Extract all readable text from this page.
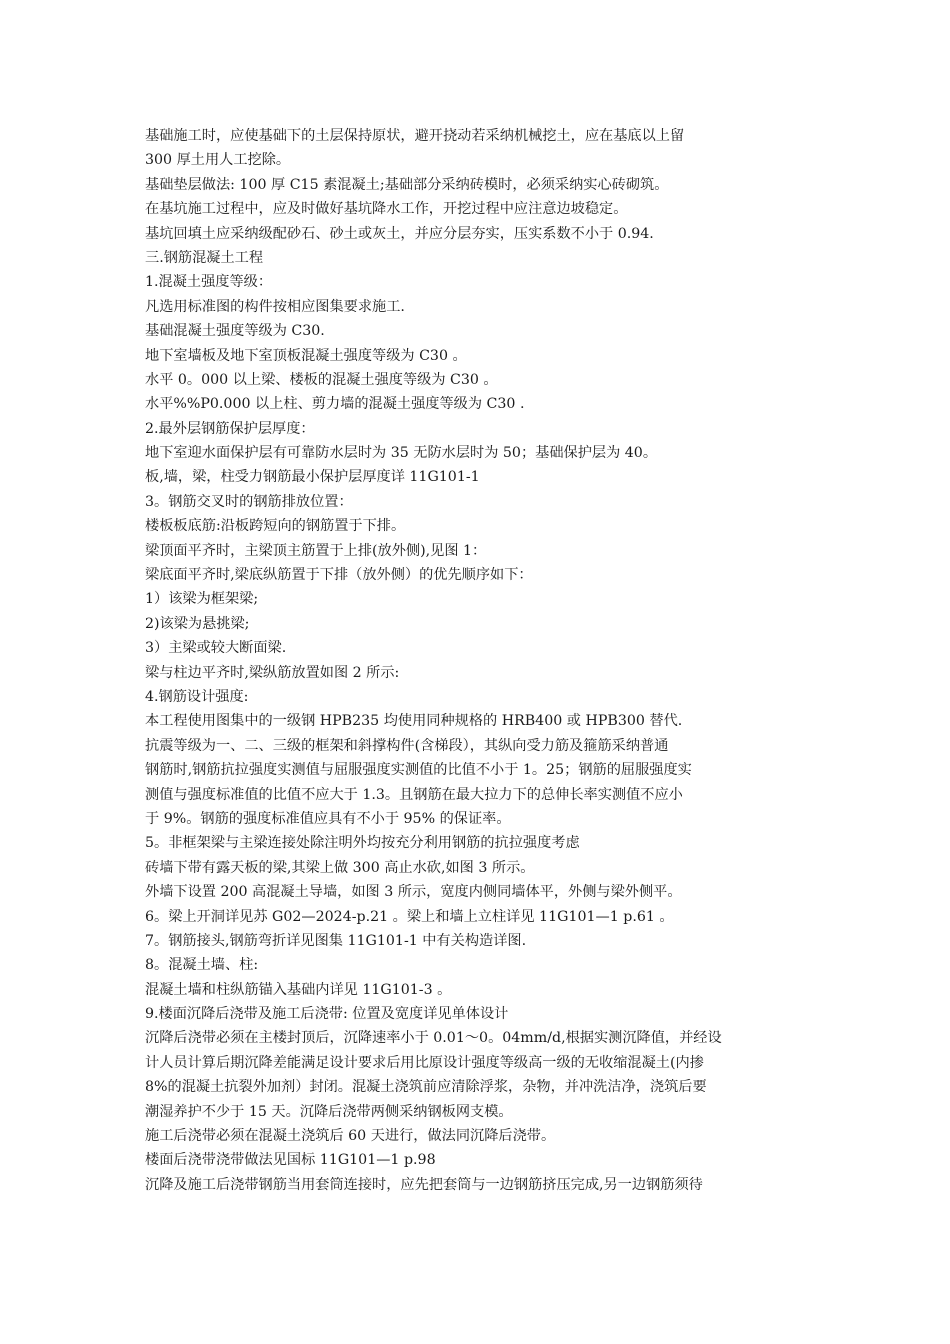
基础施工时，应使基础下的土层保持原状，避开挠动若采纳机械挖土，应在基底以上留
300 厚土用人工挖除。
基础垫层做法: 100 厚 C15 素混凝土;基础部分采纳砖模时，必须采纳实心砖砌筑。
在基坑施工过程中，应及时做好基坑降水工作，开挖过程中应注意边坡稳定。
基坑回填土应采纳级配砂石、砂土或灰土，并应分层夯实，压实系数不小于 0.94.
三.钢筋混凝土工程
1.混凝土强度等级：
凡选用标准图的构件按相应图集要求施工.
基础混凝土强度等级为 C30.
地下室墙板及地下室顶板混凝土强度等级为 C30 。
水平 0。000 以上梁、楼板的混凝土强度等级为 C30 。
水平%%P0.000 以上柱、剪力墙的混凝土强度等级为 C30 .
2.最外层钢筋保护层厚度：
地下室迎水面保护层有可靠防水层时为 35 无防水层时为 50；基础保护层为 40。
板,墙，梁，柱受力钢筋最小保护层厚度详 11G101-1
3。钢筋交叉时的钢筋排放位置：
楼板板底筋:沿板跨短向的钢筋置于下排。
梁顶面平齐时，主梁顶主筋置于上排(放外侧),见图 1：
梁底面平齐时,梁底纵筋置于下排（放外侧）的优先顺序如下：
1）该梁为框架梁;
2)该梁为悬挑梁;
3）主梁或较大断面梁.
梁与柱边平齐时,梁纵筋放置如图 2 所示:
4.钢筋设计强度:
本工程使用图集中的一级钢 HPB235 均使用同种规格的 HRB400 或 HPB300 替代.
抗震等级为一、二、三级的框架和斜撑构件(含梯段），其纵向受力筋及箍筋采纳普通
钢筋时,钢筋抗拉强度实测值与屈服强度实测值的比值不小于 1。25；钢筋的屈服强度实
测值与强度标准值的比值不应大于 1.3。且钢筋在最大拉力下的总伸长率实测值不应小
于 9%。钢筋的强度标准值应具有不小于 95% 的保证率。
5。非框架梁与主梁连接处除注明外均按充分利用钢筋的抗拉强度考虑
砖墙下带有露天板的梁,其梁上做 300 高止水砍,如图 3 所示。
外墙下设置 200 高混凝土导墙，如图 3 所示，宽度内侧同墙体平，外侧与梁外侧平。
6。梁上开洞详见苏 G02—2024-p.21 。梁上和墙上立柱详见 11G101—1 p.61 。
7。钢筋接头,钢筋弯折详见图集 11G101-1 中有关构造详图.
8。混凝土墙、柱:
混凝土墙和柱纵筋锚入基础内详见 11G101-3 。
9.楼面沉降后浇带及施工后浇带: 位置及宽度详见单体设计
沉降后浇带必须在主楼封顶后，沉降速率小于 0.01～0。04mm/d,根据实测沉降值，并经设
计人员计算后期沉降差能满足设计要求后用比原设计强度等级高一级的无收缩混凝土(内掺
8%的混凝土抗裂外加剂）封闭。混凝土浇筑前应清除浮浆，杂物，并冲洗洁净，浇筑后要
潮湿养护不少于 15 天。沉降后浇带两侧采纳钢板网支模。
施工后浇带必须在混凝土浇筑后 60 天进行，做法同沉降后浇带。
楼面后浇带浇带做法见国标 11G101—1 p.98
沉降及施工后浇带钢筋当用套筒连接时，应先把套筒与一边钢筋挤压完成,另一边钢筋须待
